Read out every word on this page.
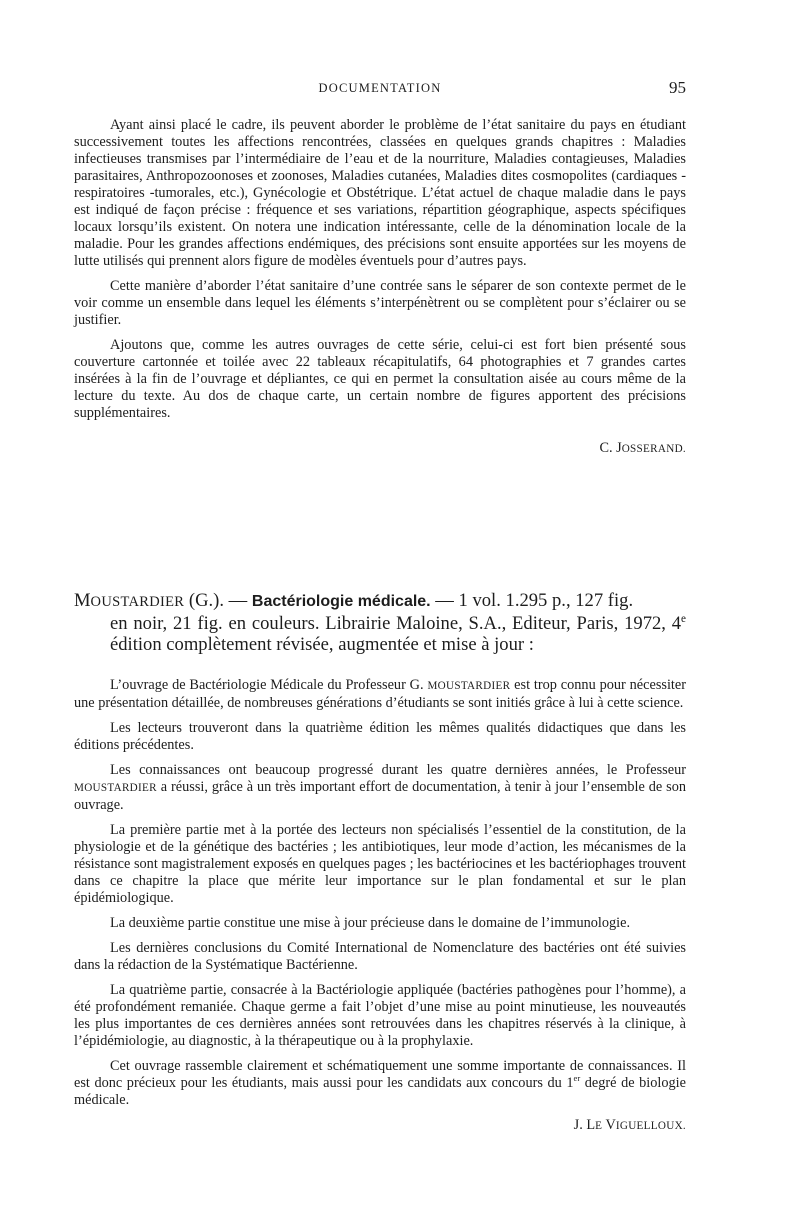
DOCUMENTATION	95

Ayant ainsi placé le cadre, ils peuvent aborder le problème de l’état sanitaire du pays en étudiant successivement toutes les affections rencontrées, classées en quelques grands chapitres : Maladies infectieuses transmises par l’intermédiaire de l’eau et de la nourriture, Maladies contagieuses, Maladies parasitaires, Anthropozoonoses et zoonoses, Maladies cutanées, Maladies dites cosmopolites (cardiaques - respiratoires -tumorales, etc.), Gynécologie et Obstétrique. L’état actuel de chaque maladie dans le pays est indiqué de façon précise : fréquence et ses variations, répartition géographique, aspects spécifiques locaux lorsqu’ils existent. On notera une indication intéressante, celle de la dénomination locale de la maladie. Pour les grandes affections endémiques, des précisions sont ensuite apportées sur les moyens de lutte utilisés qui prennent alors figure de modèles éventuels pour d’autres pays.

Cette manière d’aborder l’état sanitaire d’une contrée sans le séparer de son contexte permet de le voir comme un ensemble dans lequel les éléments s’interpénètrent ou se complètent pour s’éclairer ou se justifier.

Ajoutons que, comme les autres ouvrages de cette série, celui-ci est fort bien présenté sous couverture cartonnée et toilée avec 22 tableaux récapitulatifs, 64 photographies et 7 grandes cartes insérées à la fin de l’ouvrage et dépliantes, ce qui en permet la consultation aisée au cours même de la lecture du texte. Au dos de chaque carte, un certain nombre de figures apportent des précisions supplémentaires.

C. JOSSERAND.
MOUSTARDIER (G.). — Bactériologie médicale. — 1 vol. 1.295 p., 127 fig.
en noir, 21 fig. en couleurs. Librairie Maloine, S.A., Editeur, Paris, 1972, 4e édition complètement révisée, augmentée et mise à jour :

L’ouvrage de Bactériologie Médicale du Professeur G. MOUSTARDIER est trop connu pour nécessiter une présentation détaillée, de nombreuses générations d’étudiants se sont initiés grâce à lui à cette science.

Les lecteurs trouveront dans la quatrième édition les mêmes qualités didactiques que dans les éditions précédentes.

Les connaissances ont beaucoup progressé durant les quatre dernières années, le Professeur MOUSTARDIER a réussi, grâce à un très important effort de documentation, à tenir à jour l’ensemble de son ouvrage.

La première partie met à la portée des lecteurs non spécialisés l’essentiel de la constitution, de la physiologie et de la génétique des bactéries ; les antibiotiques, leur mode d’action, les mécanismes de la résistance sont magistralement exposés en quelques pages ; les bactériocines et les bactériophages trouvent dans ce chapitre la place que mérite leur importance sur le plan fondamental et sur le plan épidémiologique.

La deuxième partie constitue une mise à jour précieuse dans le domaine de l’immunologie.

Les dernières conclusions du Comité International de Nomenclature des bactéries ont été suivies dans la rédaction de la Systématique Bactérienne.

La quatrième partie, consacrée à la Bactériologie appliquée (bactéries pathogènes pour l’homme), a été profondément remaniée. Chaque germe a fait l’objet d’une mise au point minutieuse, les nouveautés les plus importantes de ces dernières années sont retrouvées dans les chapitres réservés à la clinique, à l’épidémiologie, au diagnostic, à la thérapeutique ou à la prophylaxie.

Cet ouvrage rassemble clairement et schématiquement une somme importante de connaissances. Il est donc précieux pour les étudiants, mais aussi pour les candidats aux concours du 1er degré de biologie médicale.

J. LE VIGUELLOUX.
